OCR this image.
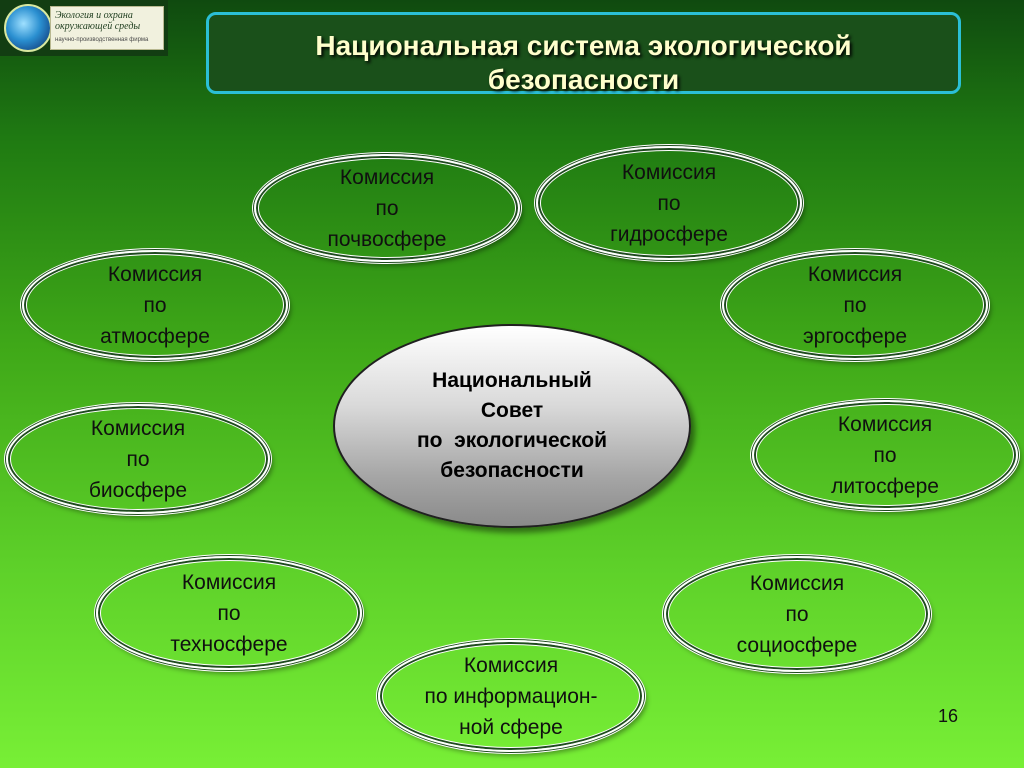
Экология и охрана
окружающей среды
научно-производственная фирма	Национальная система экологической
безопасности
Комиссия
по
почвосфере
Комиссия
по
гидросфере
Комиссия
по
атмосфере
Комиссия
по
эргосфере
Комиссия
по
биосфере
Комиссия
по
литосфере
Комиссия
по
техносфере
Комиссия
по
социосфере
Комиссия
по информацион-
ной сфере
Национальный
Совет
по  экологической
безопасности
16
